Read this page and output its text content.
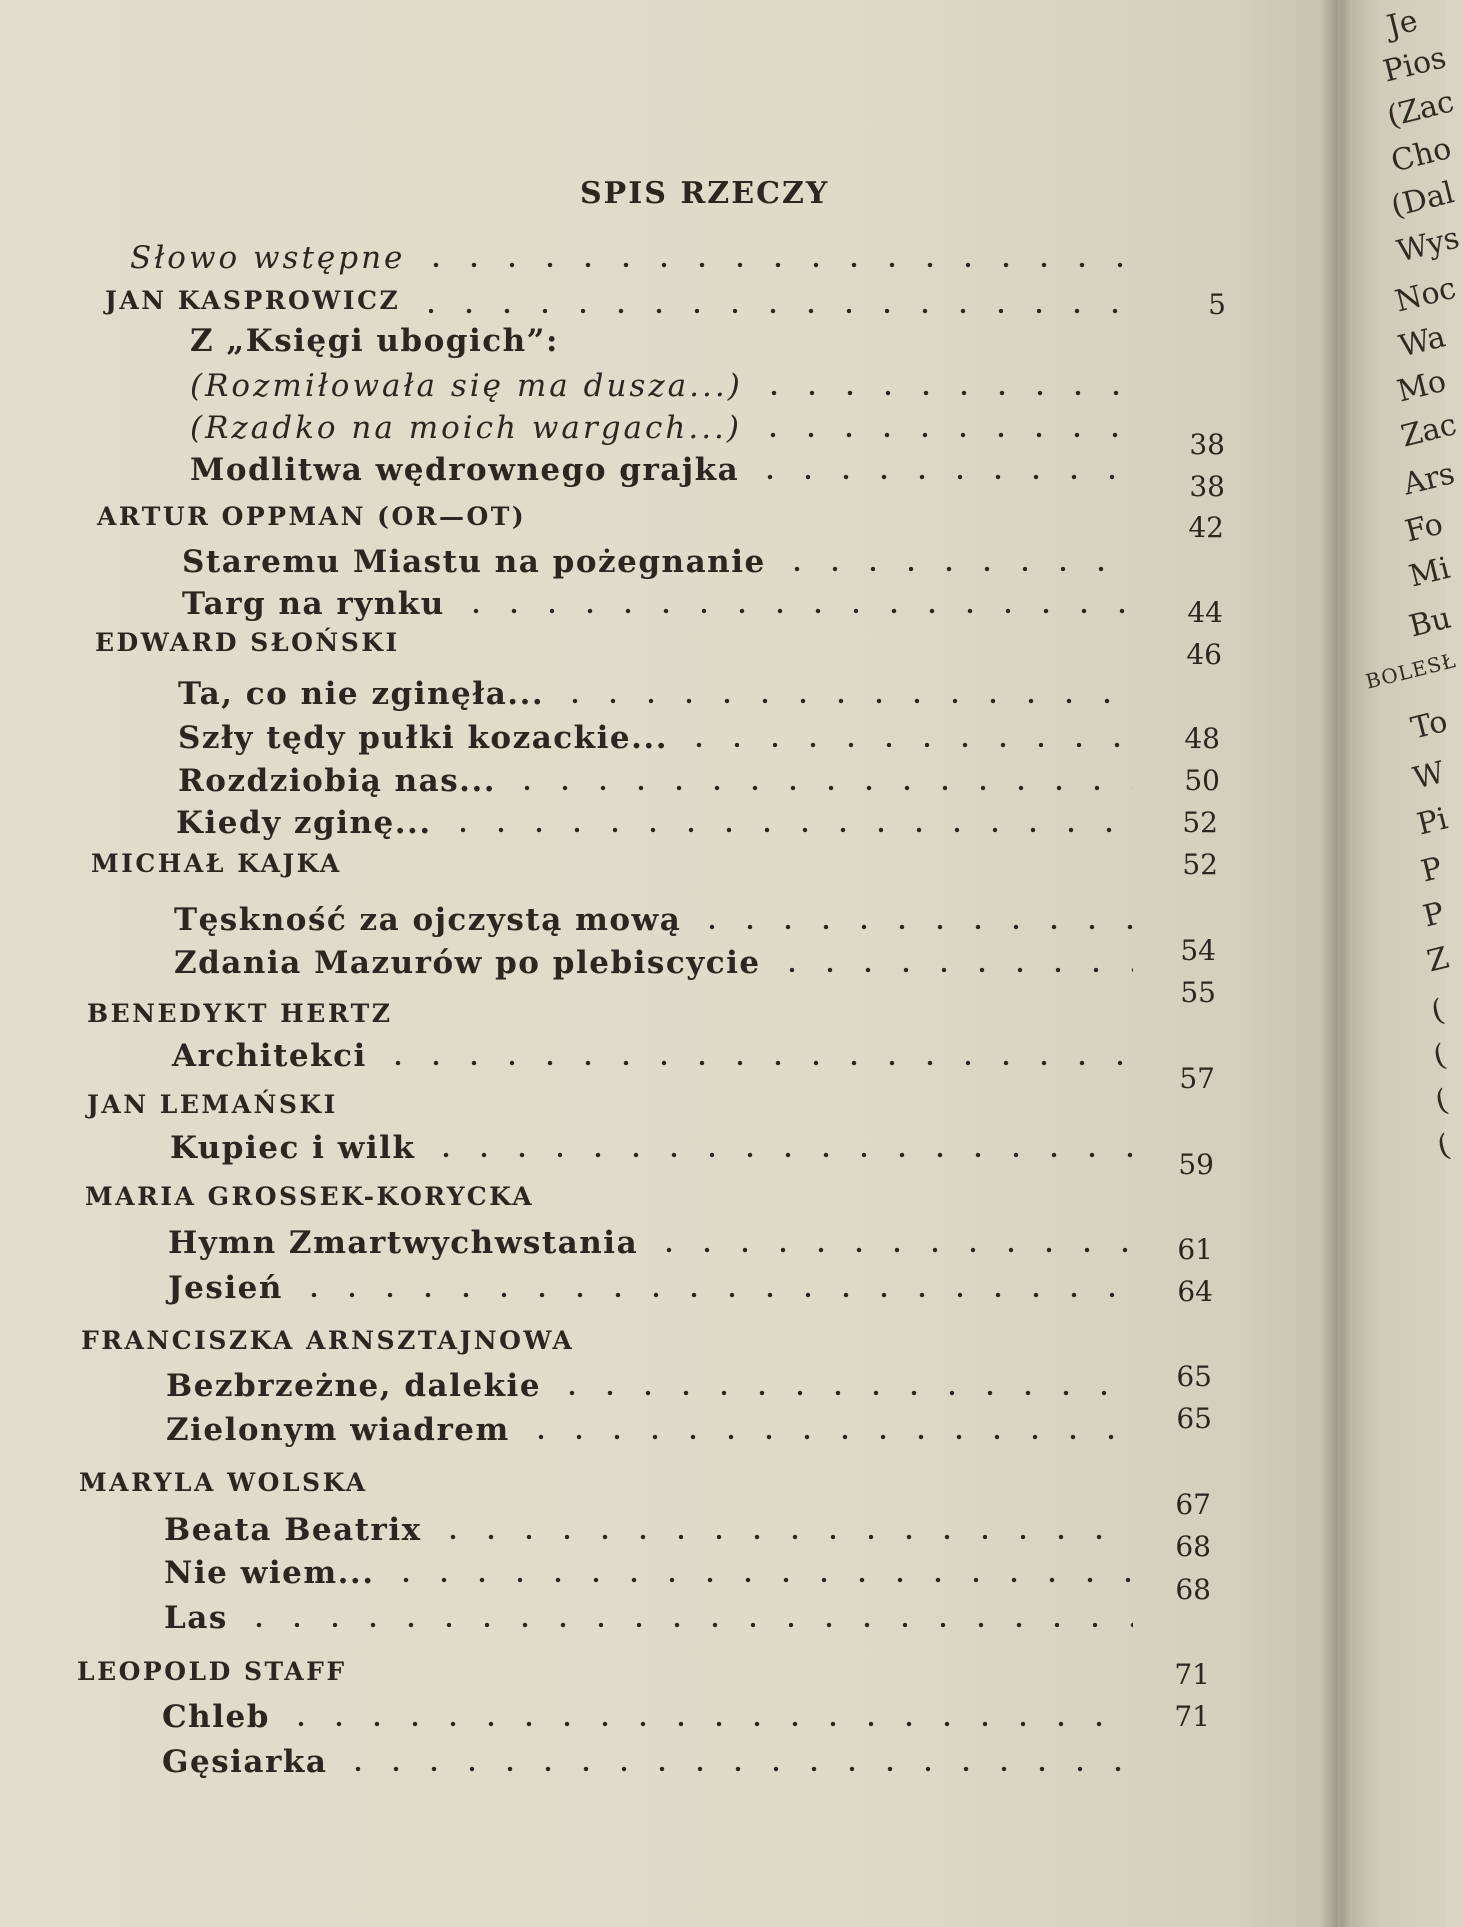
SPIS RZECZY
Słowo wstępne
JAN KASPROWICZ
Z „Księgi ubogich”:
(Rozmiłowała się ma dusza...)
(Rzadko na moich wargach...)
Modlitwa wędrownego grajka
ARTUR OPPMAN (OR—OT)
Staremu Miastu na pożegnanie
Targ na rynku
EDWARD SŁOŃSKI
Ta, co nie zginęła...
Szły tędy pułki kozackie...
Rozdziobią nas...
Kiedy zginę...
MICHAŁ KAJKA
Tęskność za ojczystą mową
Zdania Mazurów po plebiscycie
BENEDYKT HERTZ
Architekci
JAN LEMAŃSKI
Kupiec i wilk
MARIA GROSSEK-KORYCKA
Hymn Zmartwychwstania
Jesień
FRANCISZKA ARNSZTAJNOWA
Bezbrzeżne, dalekie
Zielonym wiadrem
MARYLA WOLSKA
Beata Beatrix
Nie wiem...
Las
LEOPOLD STAFF
Chleb
Gęsiarka
5
38
38
42
44
46
48
50
52
52
54
55
57
59
61
64
65
65
67
68
68
71
71
Je
Pios
(Zac
Cho
(Dal
Wys
Noc
Wa
Mo
Zac
Ars
Fo
Mi
Bu
BOLESŁ
To
W
Pi
P
P
Z
(
(
(
(
